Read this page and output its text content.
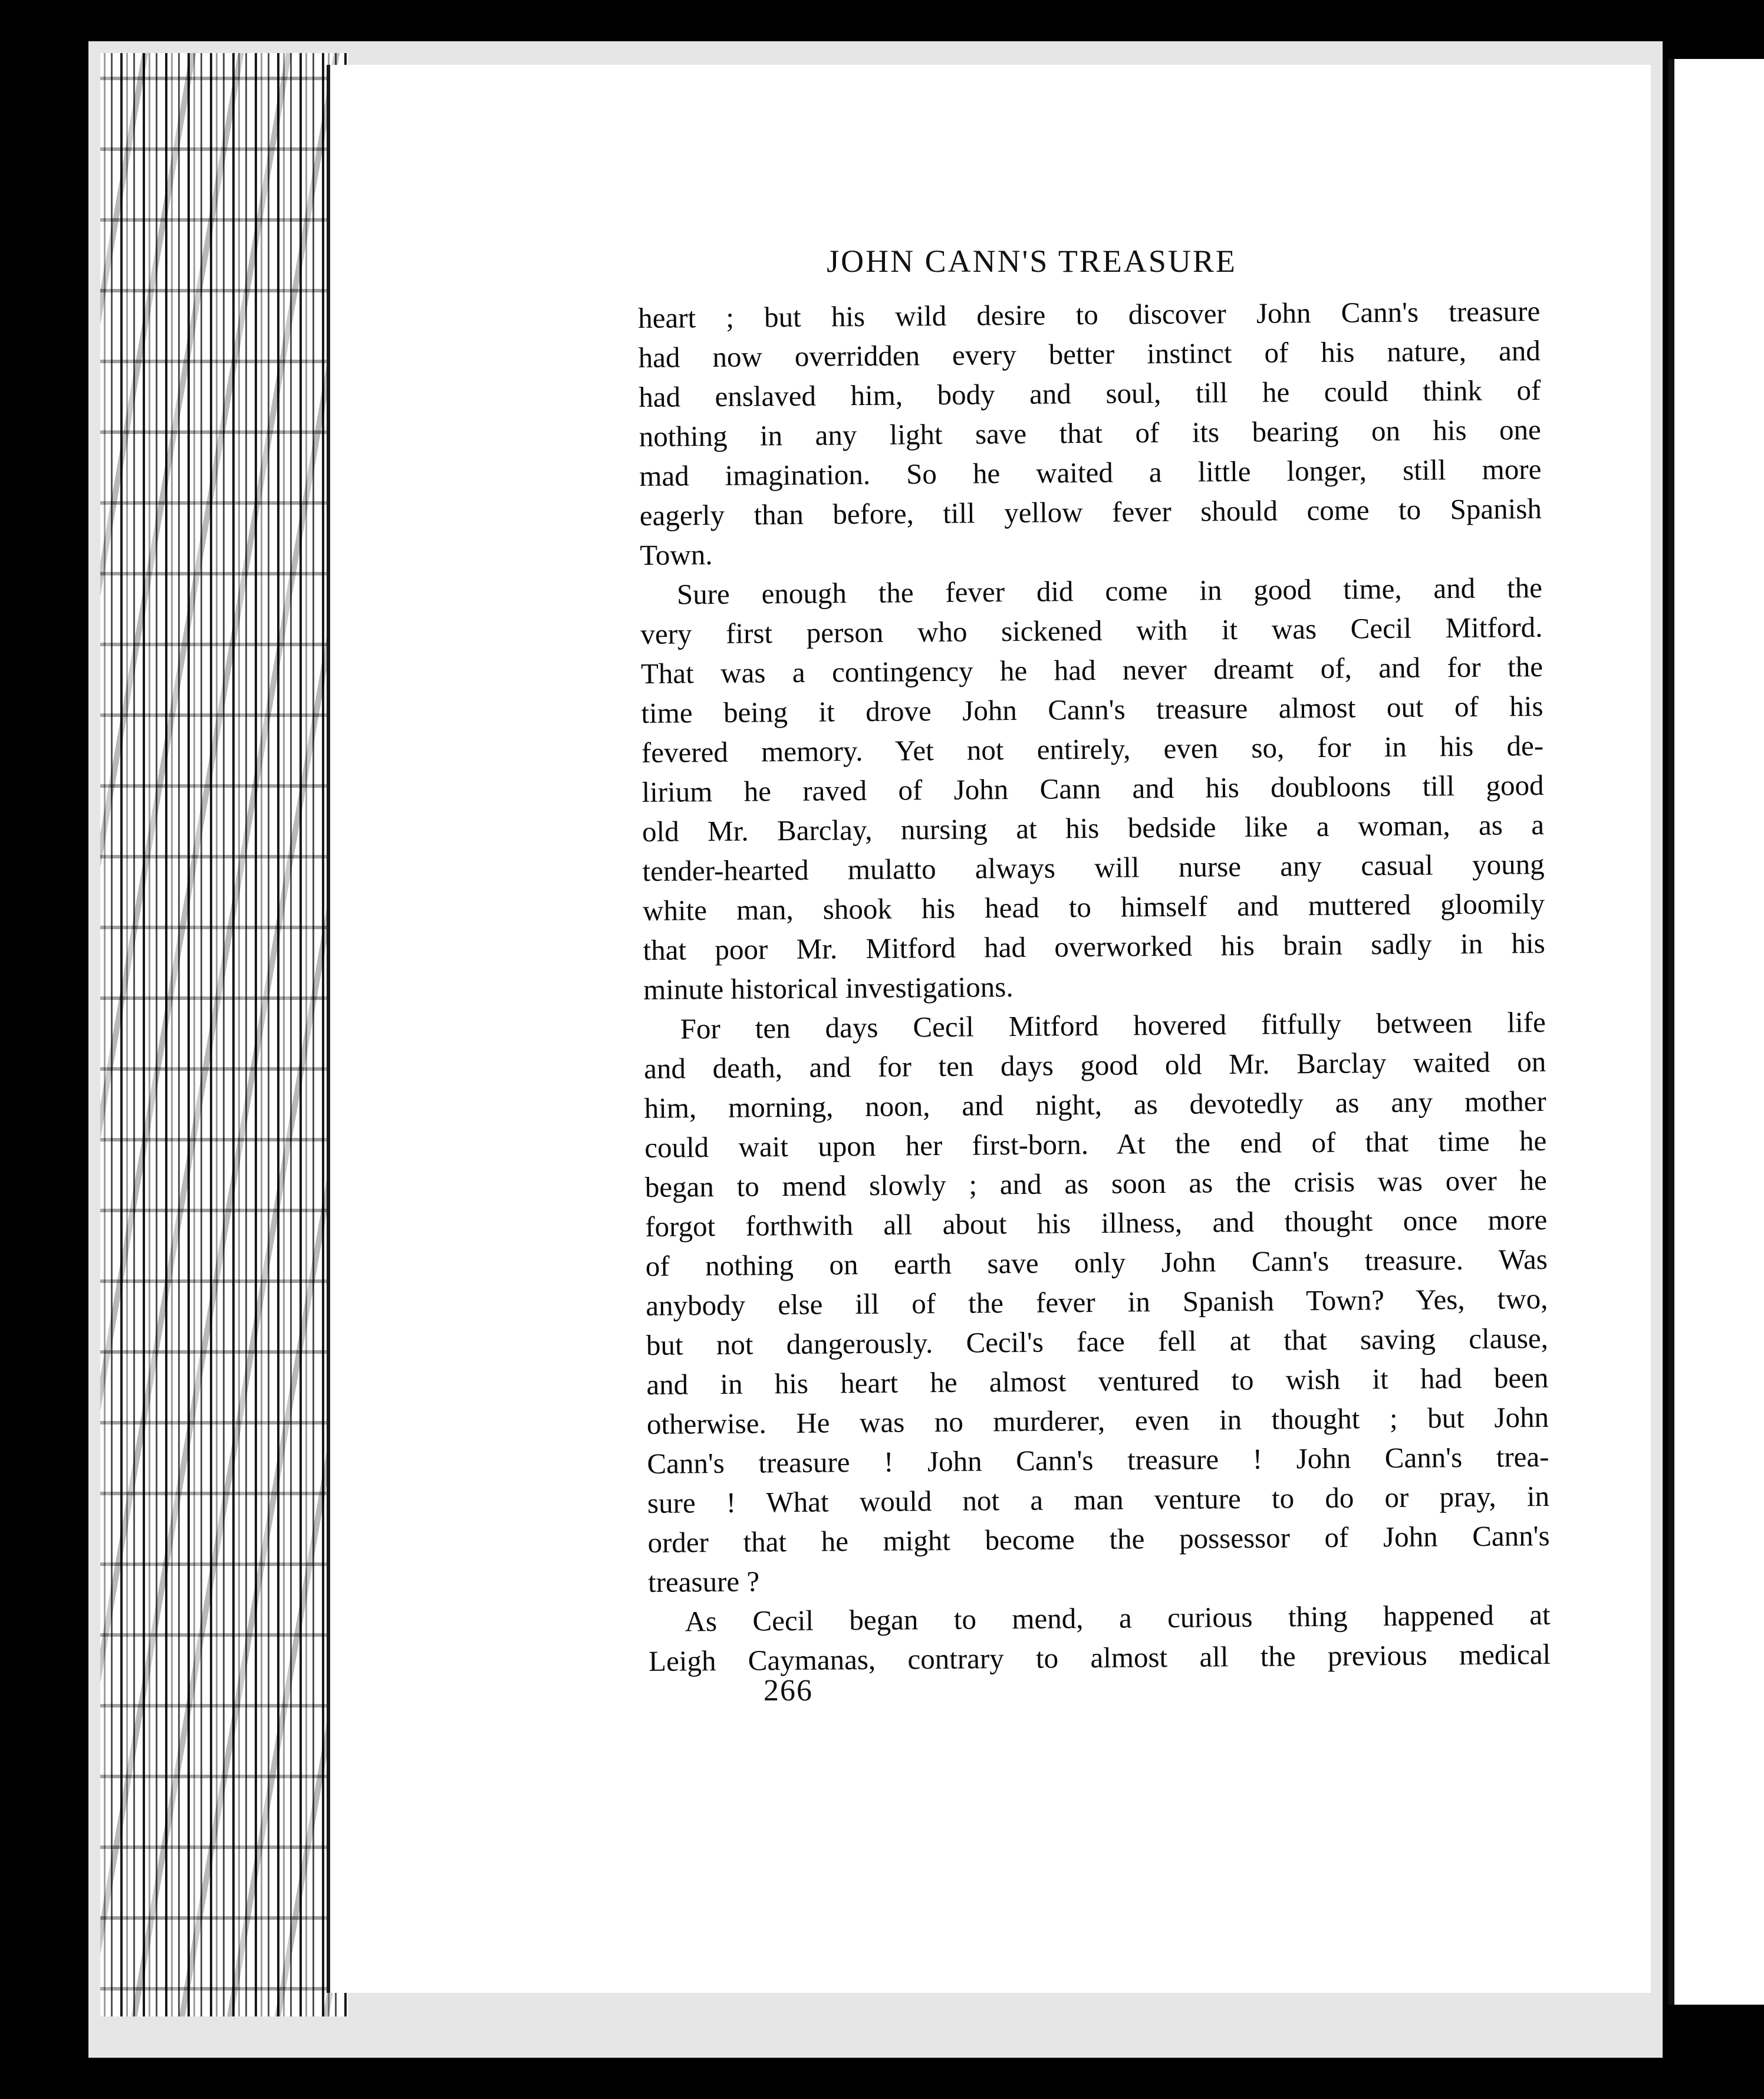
JOHN CANN'S TREASURE
heart ; but his wild desire to discover John Cann's treasure
had now overridden every better instinct of his nature, and
had enslaved him, body and soul, till he could think of
nothing in any light save that of its bearing on his one
mad imagination. So he waited a little longer, still more
eagerly than before, till yellow fever should come to Spanish
Town.
Sure enough the fever did come in good time, and the
very first person who sickened with it was Cecil Mitford.
That was a contingency he had never dreamt of, and for the
time being it drove John Cann's treasure almost out of his
fevered memory. Yet not entirely, even so, for in his de-
lirium he raved of John Cann and his doubloons till good
old Mr. Barclay, nursing at his bedside like a woman, as a
tender-hearted mulatto always will nurse any casual young
white man, shook his head to himself and muttered gloomily
that poor Mr. Mitford had overworked his brain sadly in his
minute historical investigations.
For ten days Cecil Mitford hovered fitfully between life
and death, and for ten days good old Mr. Barclay waited on
him, morning, noon, and night, as devotedly as any mother
could wait upon her first-born. At the end of that time he
began to mend slowly ; and as soon as the crisis was over he
forgot forthwith all about his illness, and thought once more
of nothing on earth save only John Cann's treasure. Was
anybody else ill of the fever in Spanish Town? Yes, two,
but not dangerously. Cecil's face fell at that saving clause,
and in his heart he almost ventured to wish it had been
otherwise. He was no murderer, even in thought ; but John
Cann's treasure ! John Cann's treasure ! John Cann's trea-
sure ! What would not a man venture to do or pray, in
order that he might become the possessor of John Cann's
treasure ?
As Cecil began to mend, a curious thing happened at
Leigh Caymanas, contrary to almost all the previous medical
266
